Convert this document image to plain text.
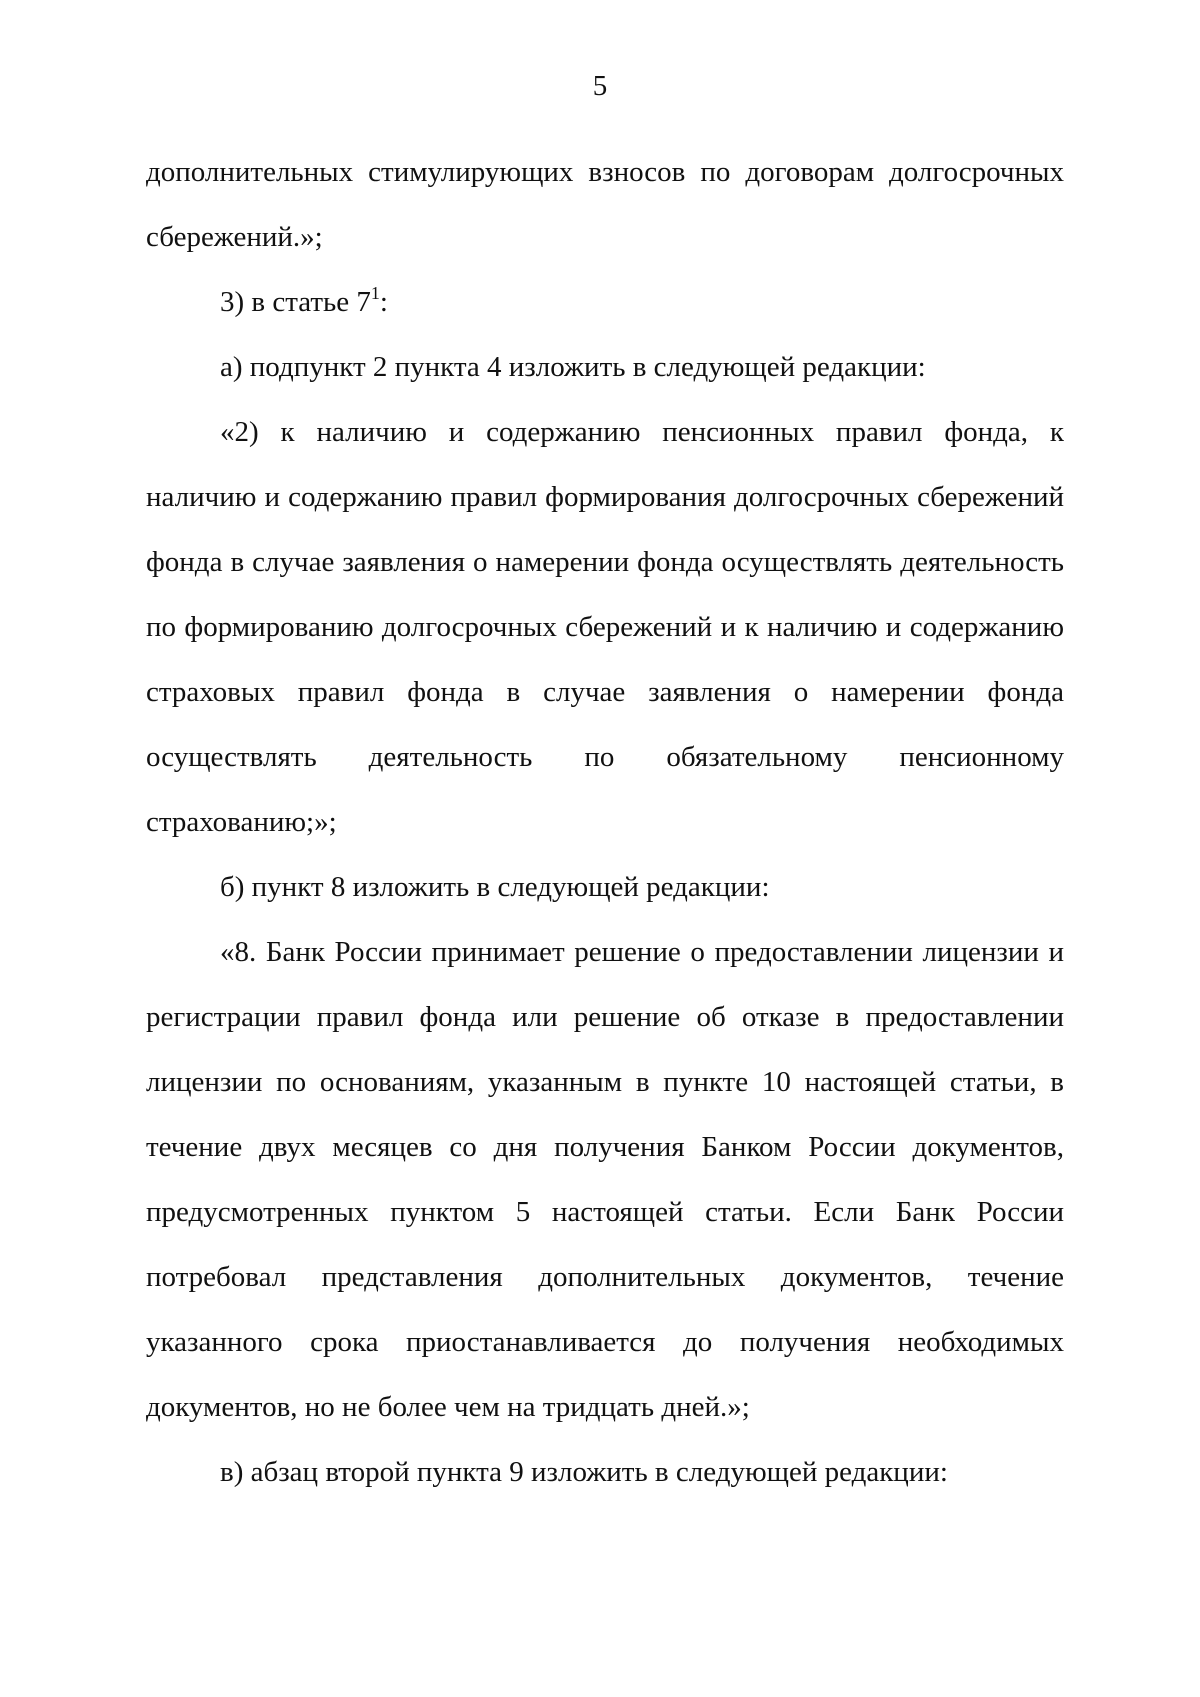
5

дополнительных стимулирующих взносов по договорам долгосрочных сбережений.»;

3) в статье $7^1$:

а) подпункт 2 пункта 4 изложить в следующей редакции:

«2) к наличию и содержанию пенсионных правил фонда, к наличию и содержанию правил формирования долгосрочных сбережений фонда в случае заявления о намерении фонда осуществлять деятельность по формированию долгосрочных сбережений и к наличию и содержанию страховых правил фонда в случае заявления о намерении фонда осуществлять деятельность по обязательному пенсионному страхованию;»;

б) пункт 8 изложить в следующей редакции:

«8. Банк России принимает решение о предоставлении лицензии и регистрации правил фонда или решение об отказе в предоставлении лицензии по основаниям, указанным в пункте 10 настоящей статьи, в течение двух месяцев со дня получения Банком России документов, предусмотренных пунктом 5 настоящей статьи. Если Банк России потребовал представления дополнительных документов, течение указанного срока приостанавливается до получения необходимых документов, но не более чем на тридцать дней.»;

в) абзац второй пункта 9 изложить в следующей редакции:
